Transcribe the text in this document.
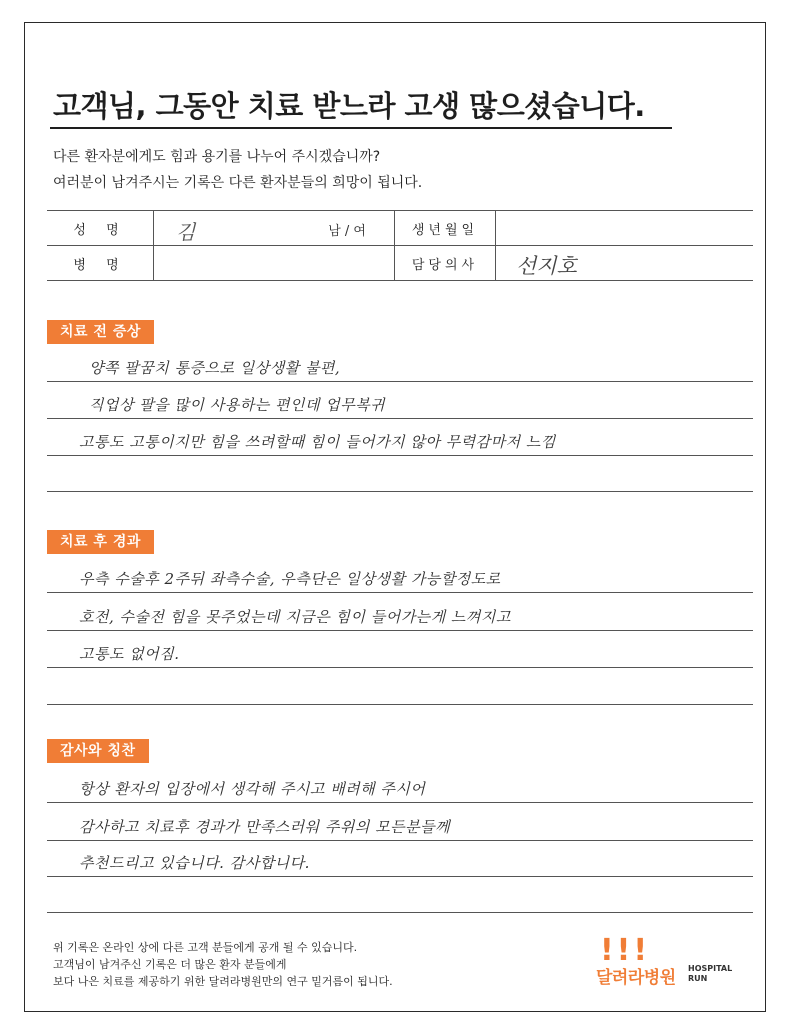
고객님, 그동안 치료 받느라 고생 많으셨습니다.
다른 환자분에게도 힘과 용기를 나누어 주시겠습니까?
여러분이 남겨주시는 기록은 다른 환자분들의 희망이 됩니다.
성 명	김 남 / 여	생년월일	
병 명		담당의사	선지호
치료 전 증상
양쪽 팔꿈치 통증으로 일상생활 불편,
직업상 팔을 많이 사용하는 편인데 업무복귀
고통도 고통이지만 힘을 쓰려할때 힘이 들어가지 않아 무력감마저 느낌
치료 후 경과
우측 수술후 2주뒤 좌측수술, 우측단은 일상생활 가능할정도로
호전, 수술전 힘을 못주었는데 지금은 힘이 들어가는게 느껴지고
고통도 없어짐.
감사와 칭찬
항상 환자의 입장에서 생각해 주시고 배려해 주시어
감사하고 치료후 경과가 만족스러워 주위의 모든분들께
추천드리고 있습니다. 감사합니다.
위 기록은 온라인 상에 다른 고객 분들에게 공개 될 수 있습니다.
고객님이 남겨주신 기록은 더 많은 환자 분들에게
보다 나은 치료를 제공하기 위한 달려라병원만의 연구 밑거름이 됩니다.
!!!
달려라병원 HOSPITAL
RUN
